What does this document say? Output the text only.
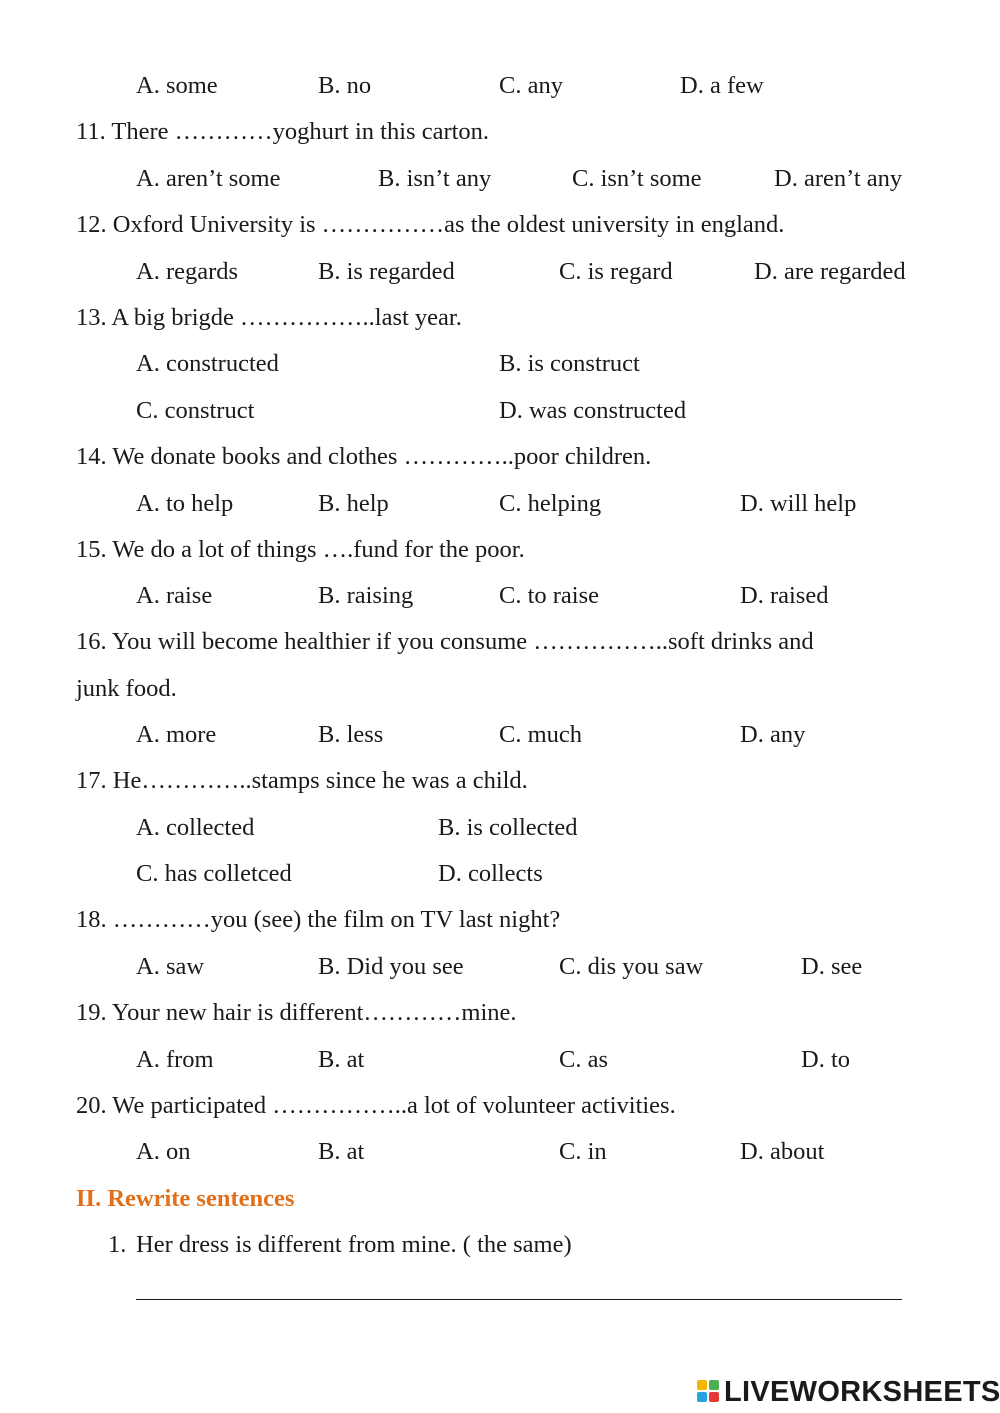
A. some	B. no	C. any	D. a few
11. There …………yoghurt in this carton.
A. aren’t some	B. isn’t any	C. isn’t some	D. aren’t any
12. Oxford University is ……………as the oldest university in england.
A. regards	B. is regarded	C. is regard	D. are regarded
13. A big brigde ……………..last year.
A. constructed	B. is construct
C. construct	D. was constructed
14. We donate books and clothes …………..poor children.
A. to help	B. help	C. helping	D. will help
15. We do a lot of things ….fund for the poor.
A. raise	B. raising	C. to raise	D. raised
16. You will become healthier if you consume ……………..soft drinks and
junk food.
A. more	B. less	C. much	D. any
17. He…………..stamps since he was a child.
A. collected	B. is collected
C. has colletced	D. collects
18. …………you (see) the film on TV last night?
A. saw	B. Did you see	C. dis you saw	D. see
19. Your new hair is different…………mine.
A. from	B. at	C. as	D. to
20. We participated ……………..a lot of volunteer activities.
A. on	B. at	C. in	D. about
II. Rewrite sentences
1. Her dress is different from mine. ( the same)
LIVEWORKSHEETS
